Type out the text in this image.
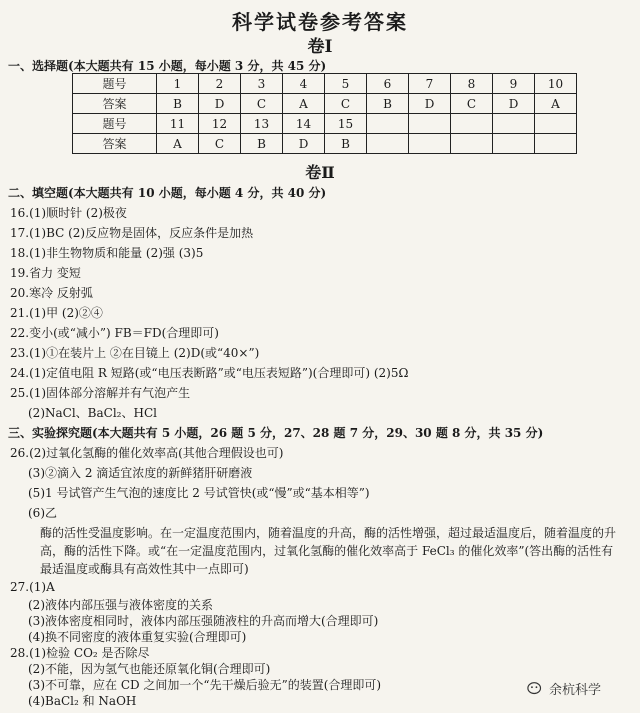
科学试卷参考答案
卷Ⅰ
一、选择题(本大题共有 15 小题，每小题 3 分，共 45 分)
题号	1	2	3	4	5	6	7	8	9	10
答案	B	D	C	A	C	B	D	C	D	A
题号	11	12	13	14	15					
答案	A	C	B	D	B					
卷Ⅱ
二、填空题(本大题共有 10 小题，每小题 4 分，共 40 分)
16.(1)顺时针 (2)极夜
17.(1)BC (2)反应物是固体，反应条件是加热
18.(1)非生物物质和能量 (2)强 (3)5
19.省力 变短
20.寒冷 反射弧
21.(1)甲 (2)②④
22.变小(或“减小”) FB＝FD(合理即可)
23.(1)①在装片上 ②在目镜上 (2)D(或“40×”)
24.(1)定值电阻 R 短路(或“电压表断路”或“电压表短路”)(合理即可) (2)5Ω
25.(1)固体部分溶解并有气泡产生
(2)NaCl、BaCl₂、HCl
三、实验探究题(本大题共有 5 小题，26 题 5 分，27、28 题 7 分，29、30 题 8 分，共 35 分)
26.(2)过氧化氢酶的催化效率高(其他合理假设也可)
(3)②滴入 2 滴适宜浓度的新鲜猪肝研磨液
(5)1 号试管产生气泡的速度比 2 号试管快(或“慢”或“基本相等”)
(6)乙
酶的活性受温度影响。在一定温度范围内，随着温度的升高，酶的活性增强，超过最适温度后，随着温度的升高，酶的活性下降。或“在一定温度范围内，过氧化氢酶的催化效率高于 FeCl₃ 的催化效率”(答出酶的活性有最适温度或酶具有高效性其中一点即可)
27.(1)A
(2)液体内部压强与液体密度的关系
(3)液体密度相同时，液体内部压强随液柱的升高而增大(合理即可)
(4)换不同密度的液体重复实验(合理即可)
28.(1)检验 CO₂ 是否除尽
(2)不能，因为氢气也能还原氧化铜(合理即可)
(3)不可靠，应在 CD 之间加一个“先干燥后验无”的装置(合理即可)
(4)BaCl₂ 和 NaOH
余杭科学
